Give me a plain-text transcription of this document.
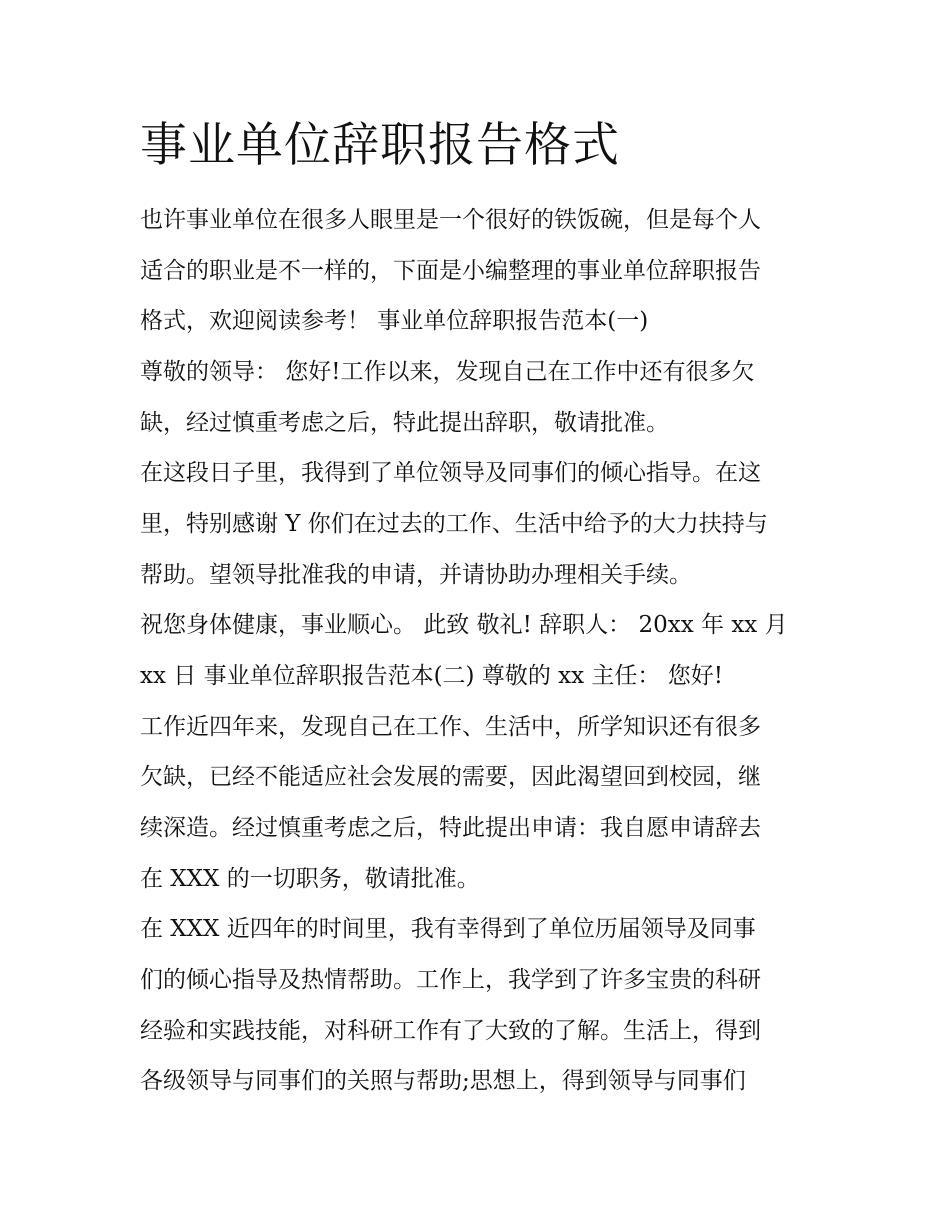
事业单位辞职报告格式

也许事业单位在很多人眼里是一个很好的铁饭碗，但是每个人

适合的职业是不一样的，下面是小编整理的事业单位辞职报告

格式，欢迎阅读参考！ 事业单位辞职报告范本(一)

尊敬的领导： 您好!工作以来，发现自己在工作中还有很多欠

缺，经过慎重考虑之后，特此提出辞职，敬请批准。

在这段日子里，我得到了单位领导及同事们的倾心指导。在这

里，特别感谢 Y 你们在过去的工作、生活中给予的大力扶持与

帮助。望领导批准我的申请，并请协助办理相关手续。

祝您身体健康，事业顺心。 此致 敬礼! 辞职人： 20xx 年 xx 月

xx 日 事业单位辞职报告范本(二) 尊敬的 xx 主任： 您好!

工作近四年来，发现自己在工作、生活中，所学知识还有很多

欠缺，已经不能适应社会发展的需要，因此渴望回到校园，继

续深造。经过慎重考虑之后，特此提出申请：我自愿申请辞去

在 XXX 的一切职务，敬请批准。

在 XXX 近四年的时间里，我有幸得到了单位历届领导及同事

们的倾心指导及热情帮助。工作上，我学到了许多宝贵的科研

经验和实践技能，对科研工作有了大致的了解。生活上，得到

各级领导与同事们的关照与帮助;思想上，得到领导与同事们
